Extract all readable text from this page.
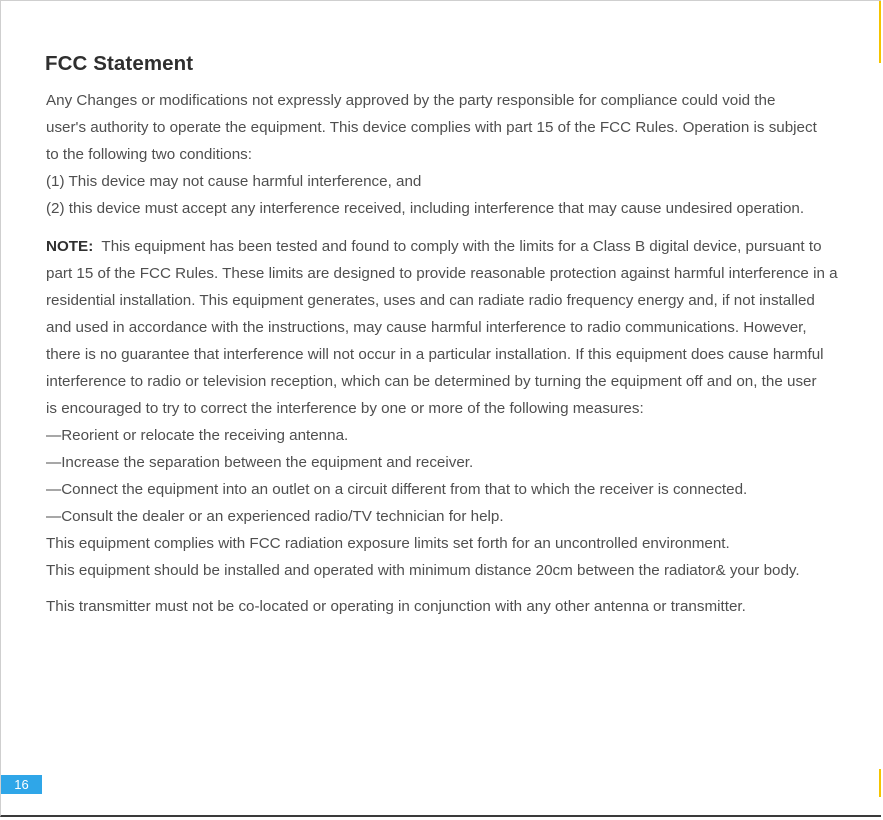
FCC Statement
Any Changes or modifications not expressly approved by the party responsible for compliance could void the
user's authority to operate the equipment. This device complies with part 15 of the FCC Rules. Operation is subject
to the following two conditions:
(1) This device may not cause harmful interference, and
(2) this device must accept any interference received, including interference that may cause undesired operation.
NOTE: This equipment has been tested and found to comply with the limits for a Class B digital device, pursuant to
part 15 of the FCC Rules. These limits are designed to provide reasonable protection against harmful interference in a
residential installation. This equipment generates, uses and can radiate radio frequency energy and, if not installed
and used in accordance with the instructions, may cause harmful interference to radio communications. However,
there is no guarantee that interference will not occur in a particular installation. If this equipment does cause harmful
interference to radio or television reception, which can be determined by turning the equipment off and on, the user
is encouraged to try to correct the interference by one or more of the following measures:
—Reorient or relocate the receiving antenna.
—Increase the separation between the equipment and receiver.
—Connect the equipment into an outlet on a circuit different from that to which the receiver is connected.
—Consult the dealer or an experienced radio/TV technician for help.
This equipment complies with FCC radiation exposure limits set forth for an uncontrolled environment.
This equipment should be installed and operated with minimum distance 20cm between the radiator& your body.
This transmitter must not be co-located or operating in conjunction with any other antenna or transmitter.
16
